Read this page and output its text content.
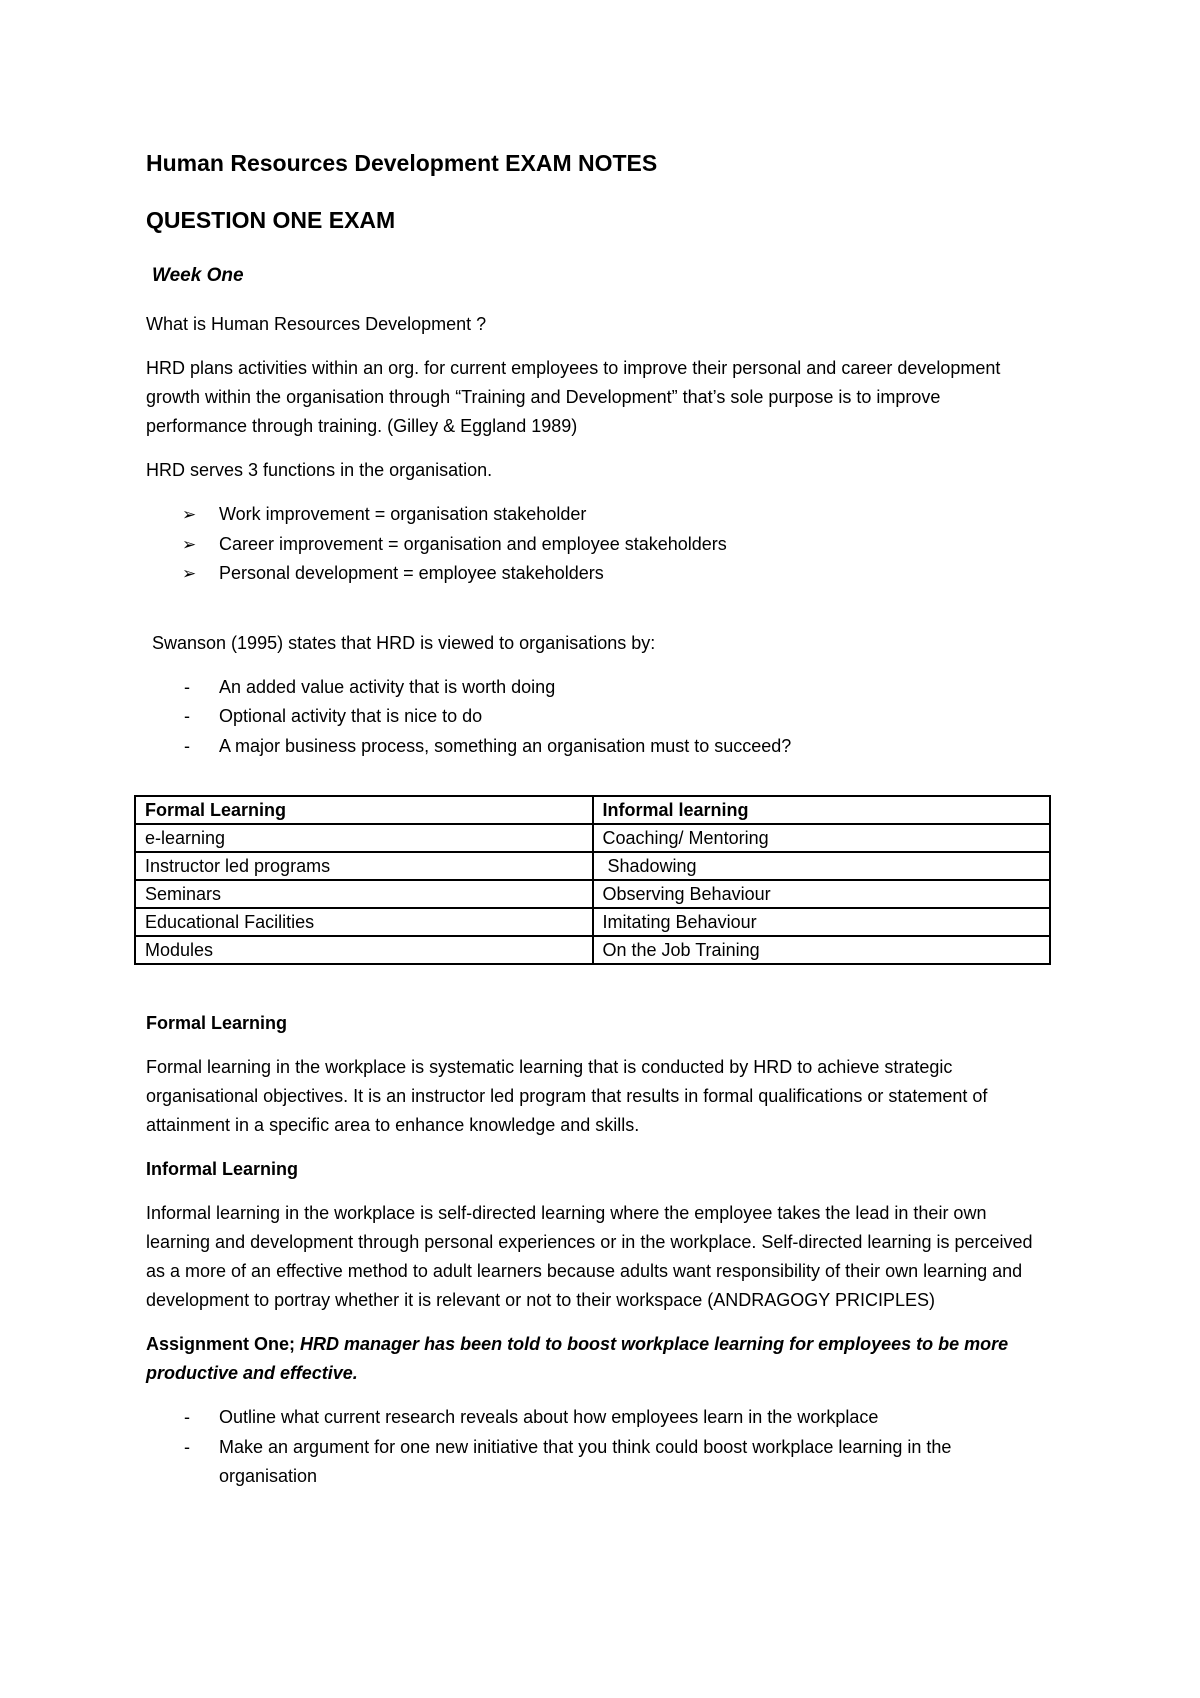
Human Resources Development EXAM NOTES
QUESTION ONE EXAM
Week One

What is Human Resources Development ?

HRD plans activities within an org. for current employees to improve their personal and career development growth within the organisation through “Training and Development” that’s sole purpose is to improve performance through training. (Gilley & Eggland 1989)

HRD serves 3 functions in the organisation.

➢ Work improvement = organisation stakeholder
➢ Career improvement = organisation and employee stakeholders
➢ Personal development = employee stakeholders

Swanson (1995) states that HRD is viewed to organisations by:

- An added value activity that is worth doing
- Optional activity that is nice to do
- A major business process, something an organisation must to succeed?
Formal Learning	Informal learning
e-learning	Coaching/ Mentoring
Instructor led programs	Shadowing
Seminars	Observing Behaviour
Educational Facilities	Imitating Behaviour
Modules	On the Job Training
Formal Learning

Formal learning in the workplace is systematic learning that is conducted by HRD to achieve strategic organisational objectives. It is an instructor led program that results in formal qualifications or statement of attainment in a specific area to enhance knowledge and skills.

Informal Learning

Informal learning in the workplace is self-directed learning where the employee takes the lead in their own learning and development through personal experiences or in the workplace. Self-directed learning is perceived as a more of an effective method to adult learners because adults want responsibility of their own learning and development to portray whether it is relevant or not to their workspace (ANDRAGOGY PRICIPLES)

Assignment One; HRD manager has been told to boost workplace learning for employees to be more productive and effective.
- Outline what current research reveals about how employees learn in the workplace
- Make an argument for one new initiative that you think could boost workplace learning in the organisation
